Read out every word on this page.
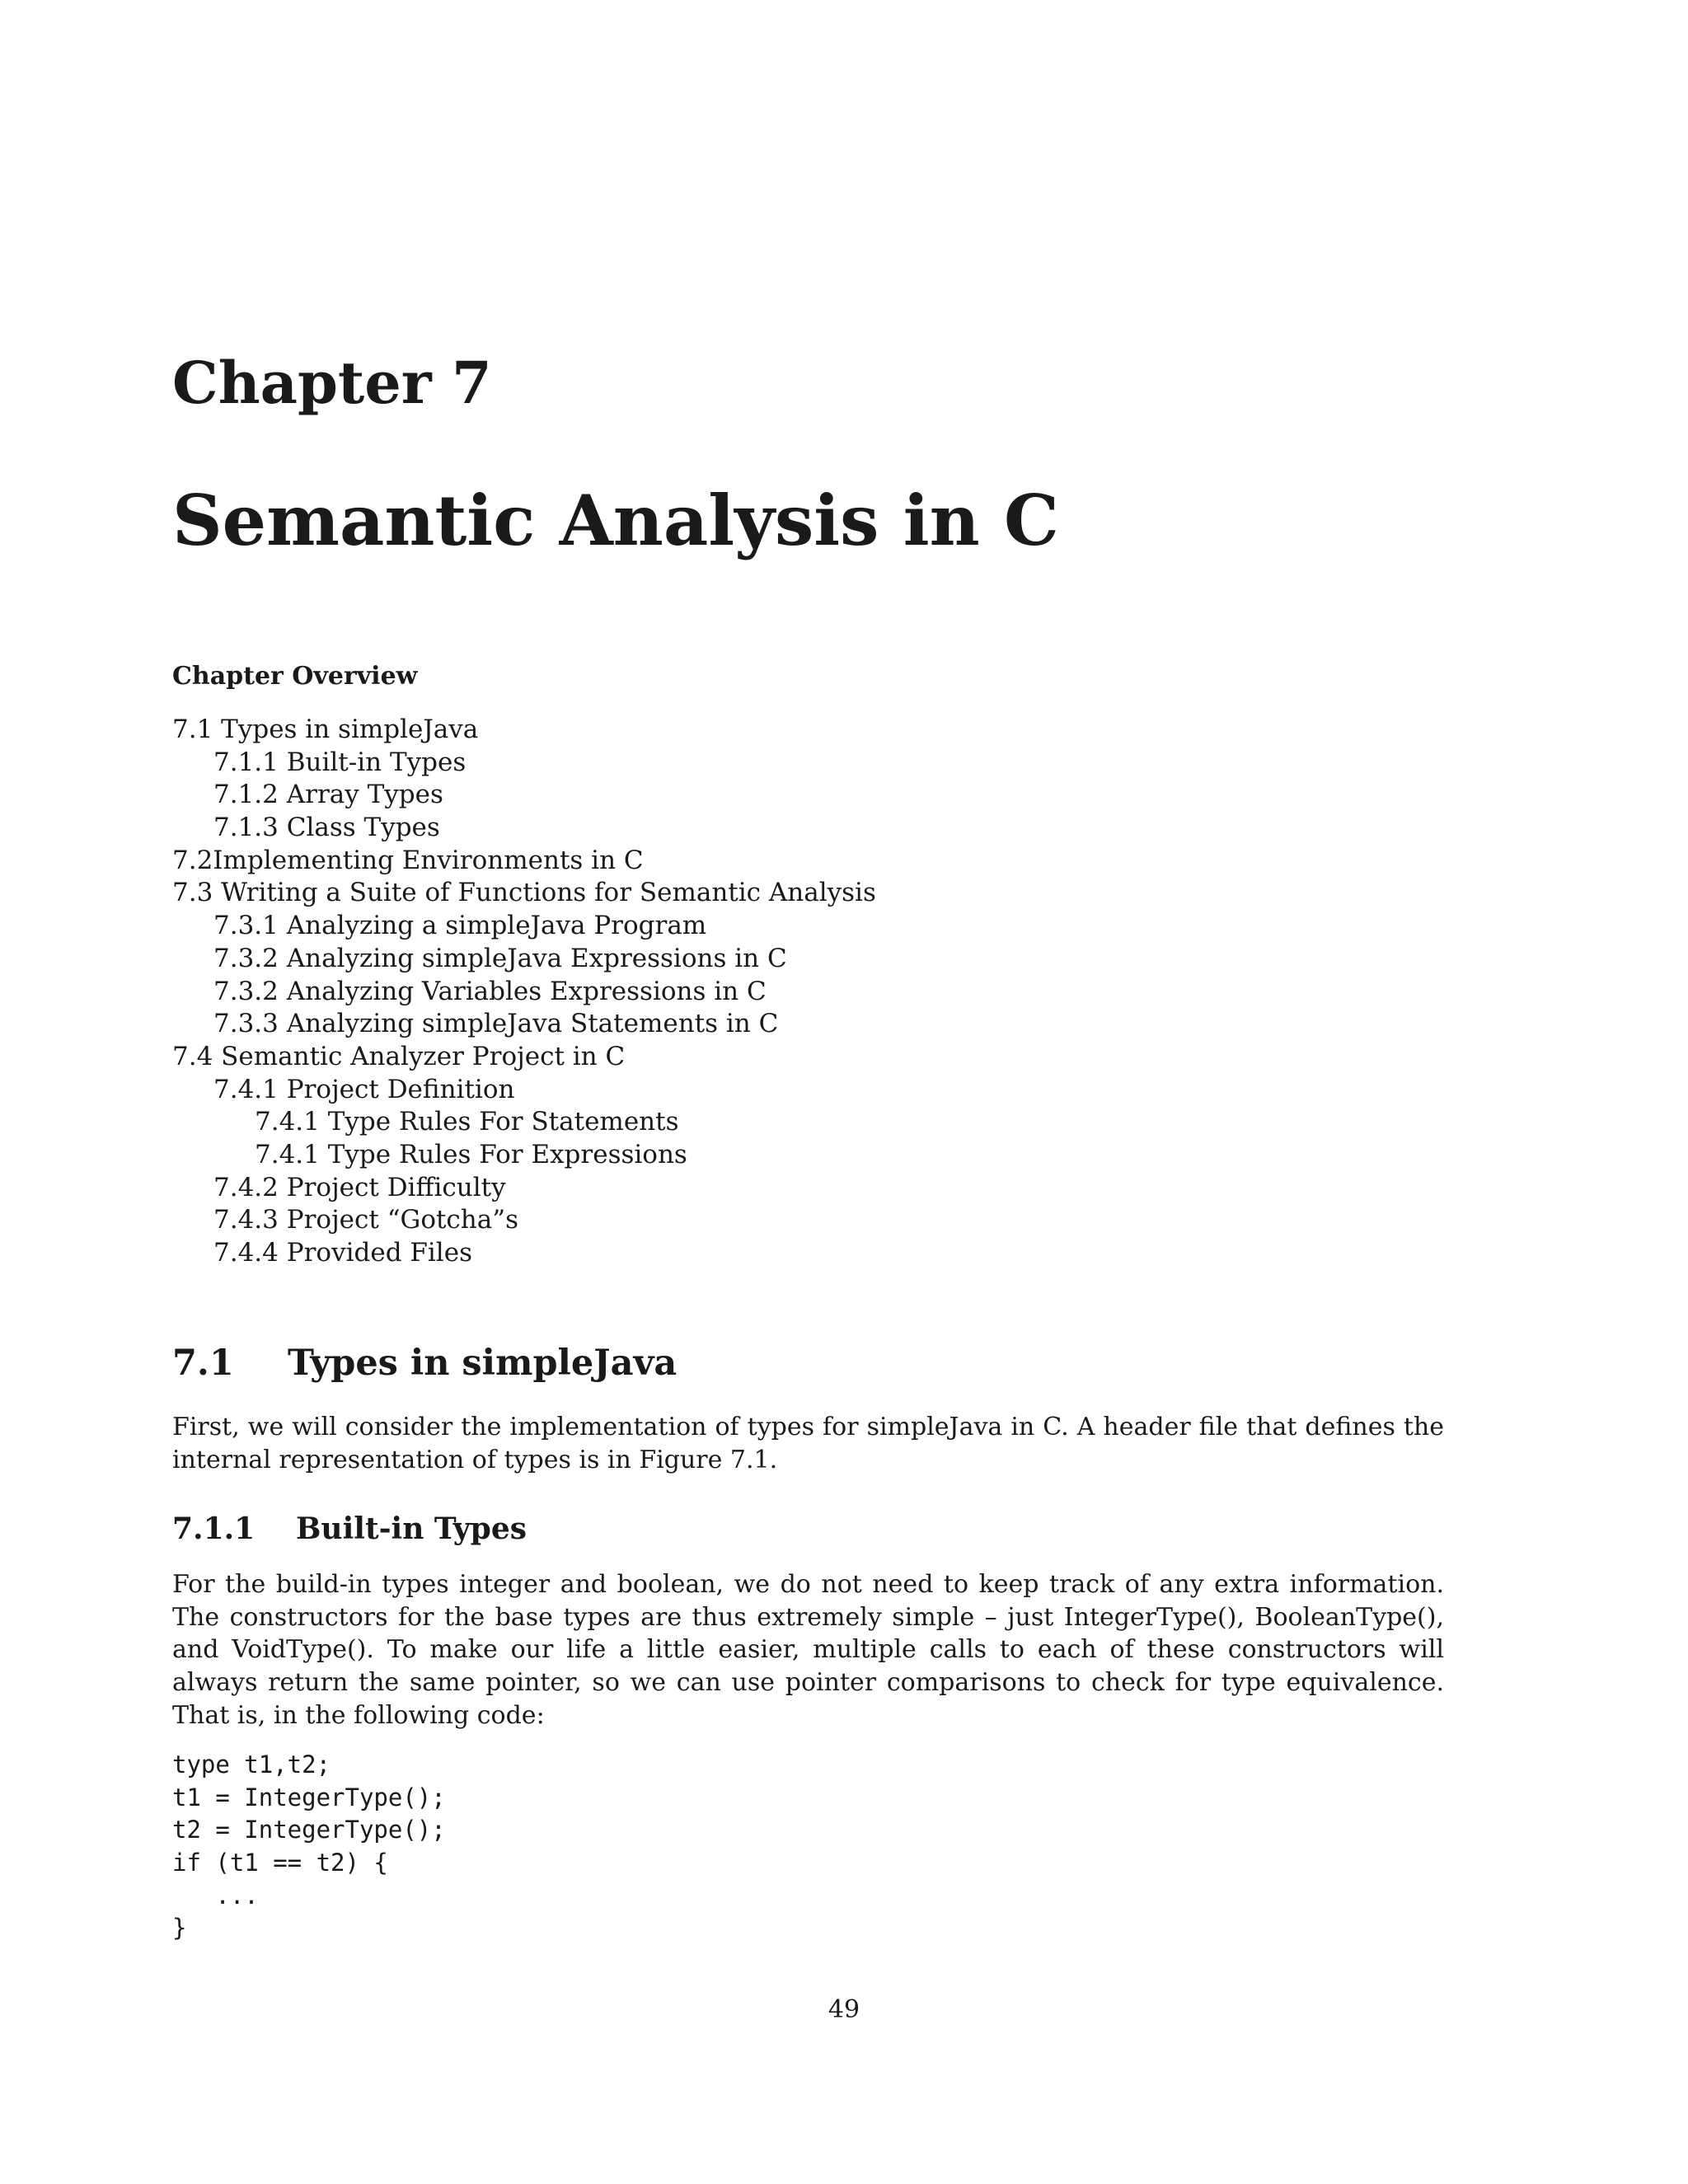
Chapter 7
Semantic Analysis in C
Chapter Overview
7.1 Types in simpleJava
7.1.1 Built-in Types
7.1.2 Array Types
7.1.3 Class Types
7.2Implementing Environments in C
7.3 Writing a Suite of Functions for Semantic Analysis
7.3.1 Analyzing a simpleJava Program
7.3.2 Analyzing simpleJava Expressions in C
7.3.2 Analyzing Variables Expressions in C
7.3.3 Analyzing simpleJava Statements in C
7.4 Semantic Analyzer Project in C
7.4.1 Project Definition
7.4.1 Type Rules For Statements
7.4.1 Type Rules For Expressions
7.4.2 Project Difficulty
7.4.3 Project “Gotcha”s
7.4.4 Provided Files
7.1 Types in simpleJava

First, we will consider the implementation of types for simpleJava in C. A header file that defines the internal representation of types is in Figure 7.1.

7.1.1 Built-in Types

For the build-in types integer and boolean, we do not need to keep track of any extra information. The constructors for the base types are thus extremely simple – just IntegerType(), BooleanType(), and VoidType(). To make our life a little easier, multiple calls to each of these constructors will always return the same pointer, so we can use pointer comparisons to check for type equivalence. That is, in the following code:

type t1,t2;
t1 = IntegerType();
t2 = IntegerType();
if (t1 == t2) {
...
}
49
